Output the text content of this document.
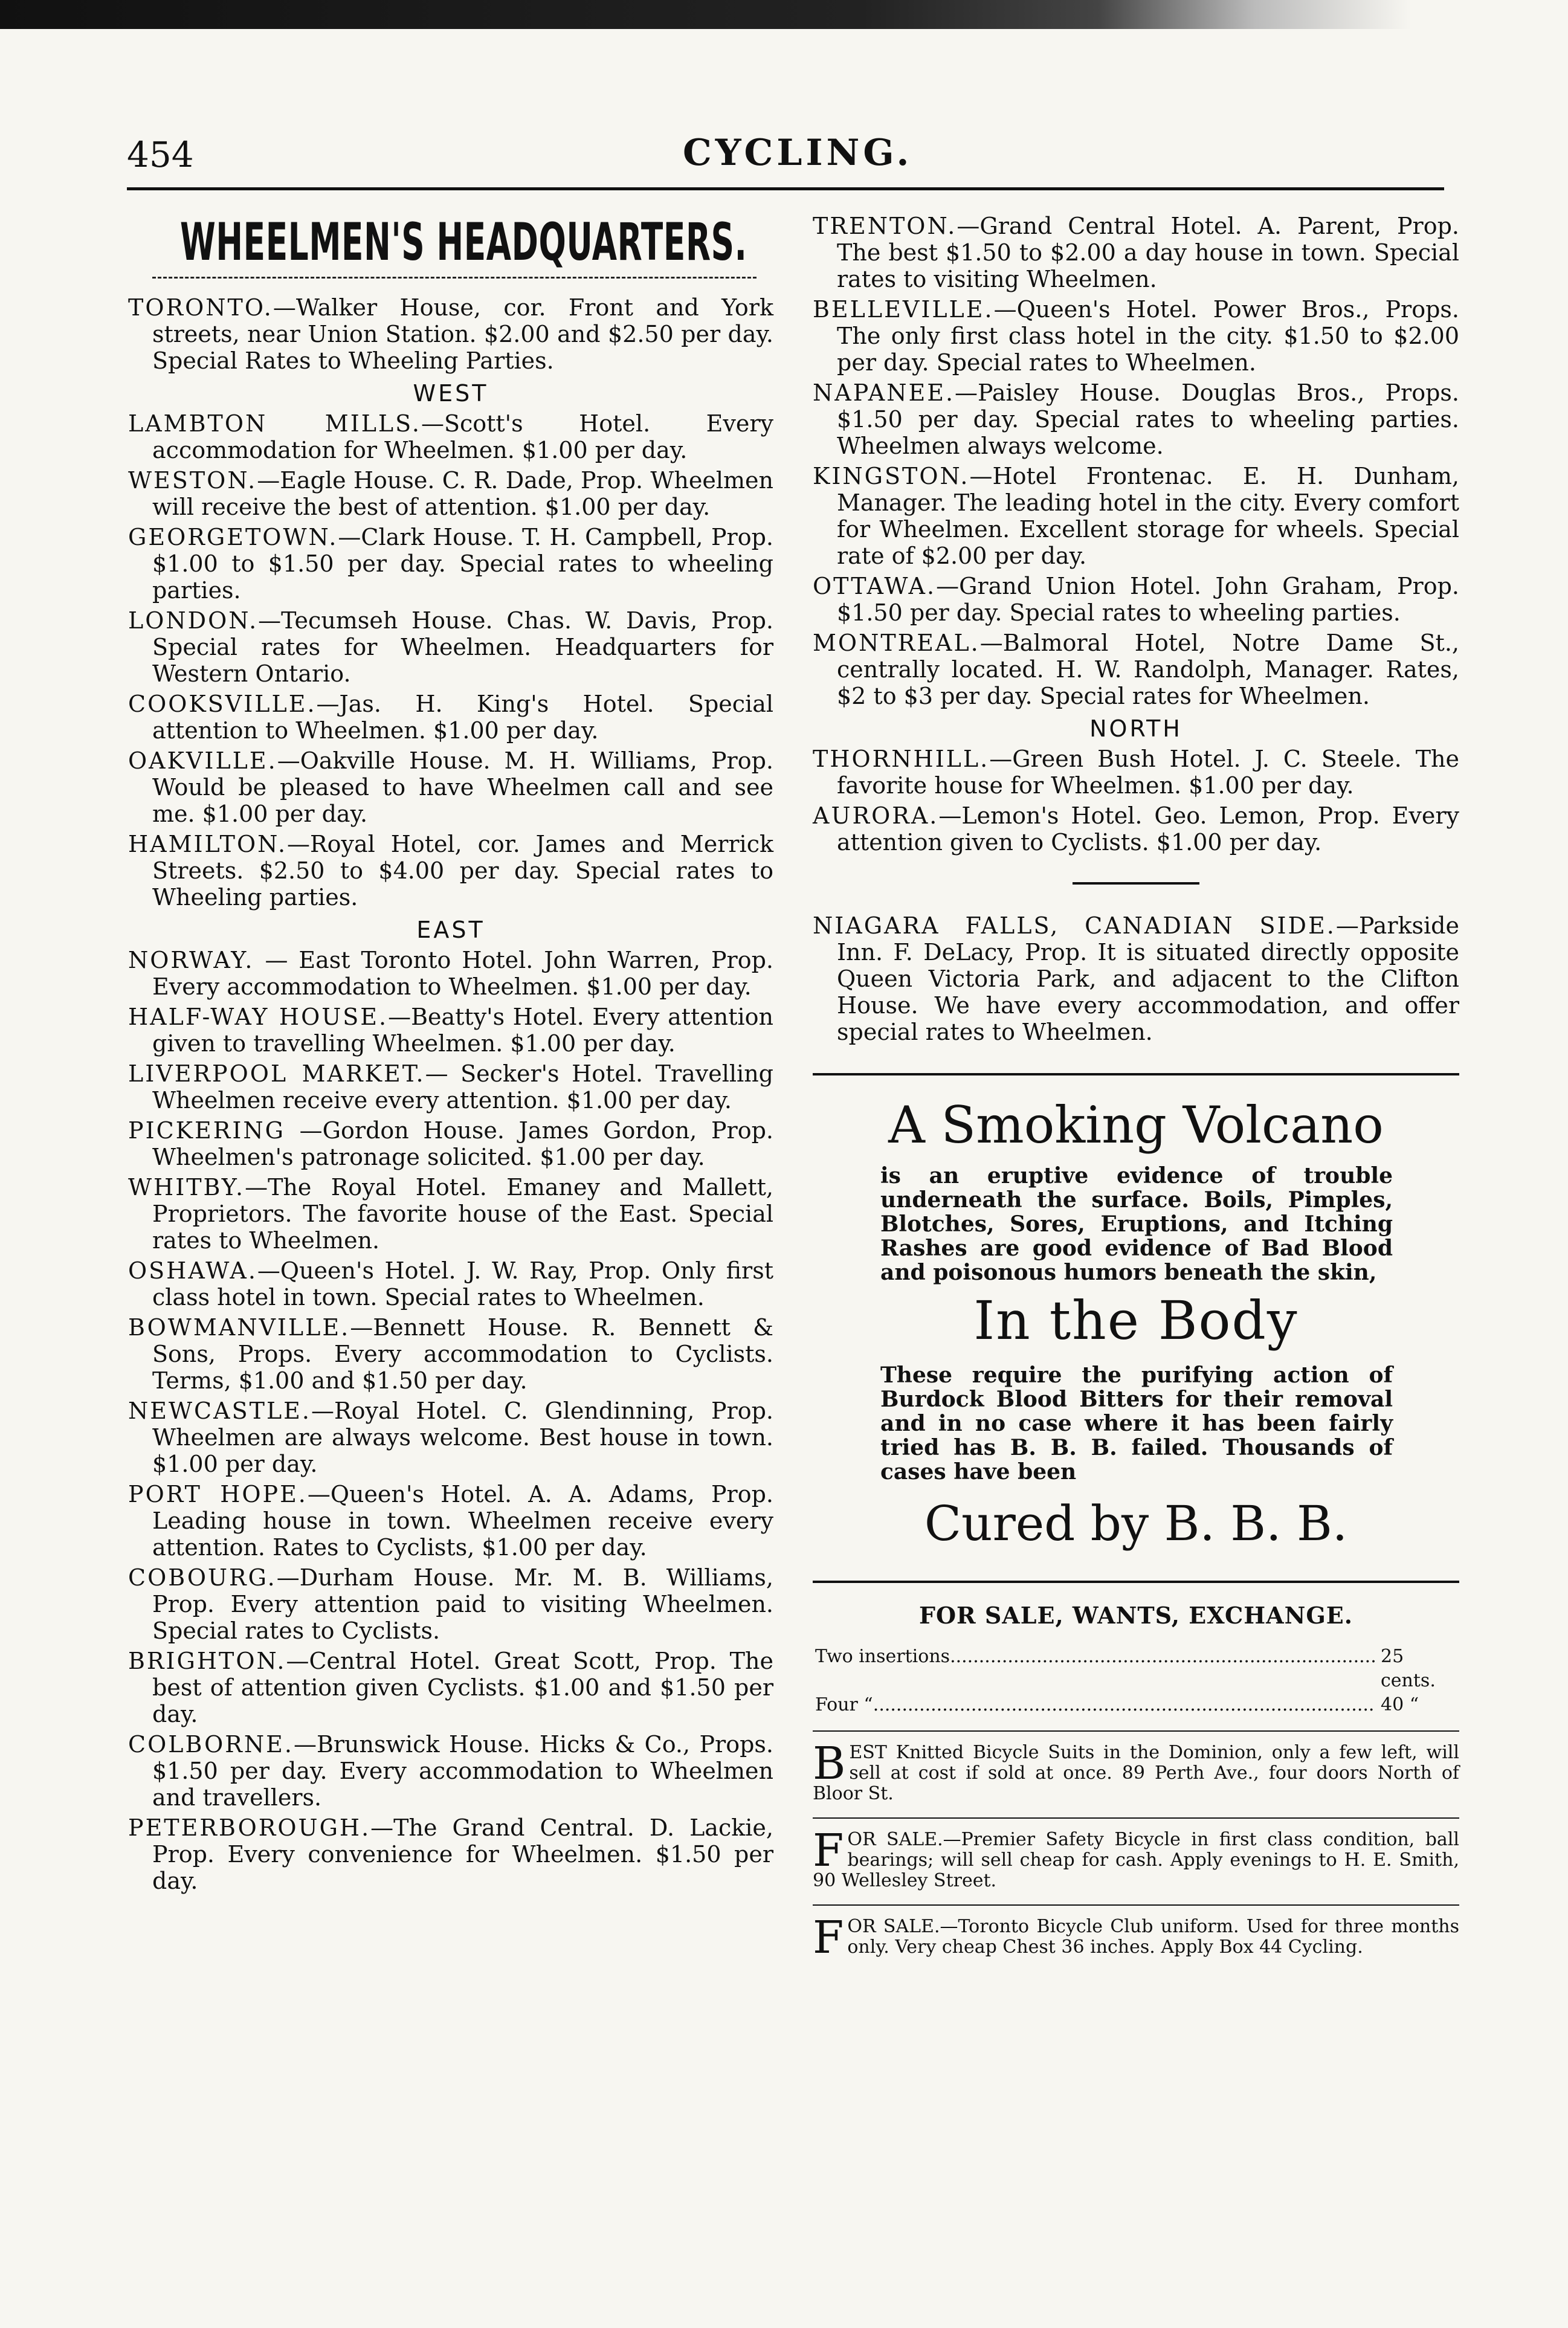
454	CYCLING.
WHEELMEN'S HEADQUARTERS.

TORONTO.—Walker House, cor. Front and York streets, near Union Station. $2.00 and $2.50 per day. Special Rates to Wheeling Parties.

WEST

LAMBTON MILLS.—Scott's Hotel. Every accommodation for Wheelmen. $1.00 per day.

WESTON.—Eagle House. C. R. Dade, Prop. Wheelmen will receive the best of attention. $1.00 per day.

GEORGETOWN.—Clark House. T. H. Campbell, Prop. $1.00 to $1.50 per day. Special rates to wheeling parties.

LONDON.—Tecumseh House. Chas. W. Davis, Prop. Special rates for Wheelmen. Headquarters for Western Ontario.

COOKSVILLE.—Jas. H. King's Hotel. Special attention to Wheelmen. $1.00 per day.

OAKVILLE.—Oakville House. M. H. Williams, Prop. Would be pleased to have Wheelmen call and see me. $1.00 per day.

HAMILTON.—Royal Hotel, cor. James and Merrick Streets. $2.50 to $4.00 per day. Special rates to Wheeling parties.

EAST

NORWAY. — East Toronto Hotel. John Warren, Prop. Every accommodation to Wheelmen. $1.00 per day.

HALF-WAY HOUSE.—Beatty's Hotel. Every attention given to travelling Wheelmen. $1.00 per day.

LIVERPOOL MARKET.— Secker's Hotel. Travelling Wheelmen receive every attention. $1.00 per day.

PICKERING —Gordon House. James Gordon, Prop. Wheelmen's patronage solicited. $1.00 per day.

WHITBY.—The Royal Hotel. Emaney and Mallett, Proprietors. The favorite house of the East. Special rates to Wheelmen.

OSHAWA.—Queen's Hotel. J. W. Ray, Prop. Only first class hotel in town. Special rates to Wheelmen.

BOWMANVILLE.—Bennett House. R. Bennett & Sons, Props. Every accommodation to Cyclists. Terms, $1.00 and $1.50 per day.

NEWCASTLE.—Royal Hotel. C. Glendinning, Prop. Wheelmen are always welcome. Best house in town. $1.00 per day.

PORT HOPE.—Queen's Hotel. A. A. Adams, Prop. Leading house in town. Wheelmen receive every attention. Rates to Cyclists, $1.00 per day.

COBOURG.—Durham House. Mr. M. B. Williams, Prop. Every attention paid to visiting Wheelmen. Special rates to Cyclists.

BRIGHTON.—Central Hotel. Great Scott, Prop. The best of attention given Cyclists. $1.00 and $1.50 per day.

COLBORNE.—Brunswick House. Hicks & Co., Props. $1.50 per day. Every accommodation to Wheelmen and travellers.

PETERBOROUGH.—The Grand Central. D. Lackie, Prop. Every convenience for Wheelmen. $1.50 per day.

TRENTON.—Grand Central Hotel. A. Parent, Prop. The best $1.50 to $2.00 a day house in town. Special rates to visiting Wheelmen.

BELLEVILLE.—Queen's Hotel. Power Bros., Props. The only first class hotel in the city. $1.50 to $2.00 per day. Special rates to Wheelmen.

NAPANEE.—Paisley House. Douglas Bros., Props. $1.50 per day. Special rates to wheeling parties. Wheelmen always welcome.

KINGSTON.—Hotel Frontenac. E. H. Dunham, Manager. The leading hotel in the city. Every comfort for Wheelmen. Excellent storage for wheels. Special rate of $2.00 per day.

OTTAWA.—Grand Union Hotel. John Graham, Prop. $1.50 per day. Special rates to wheeling parties.

MONTREAL.—Balmoral Hotel, Notre Dame St., centrally located. H. W. Randolph, Manager. Rates, $2 to $3 per day. Special rates for Wheelmen.

NORTH

THORNHILL.—Green Bush Hotel. J. C. Steele. The favorite house for Wheelmen. $1.00 per day.

AURORA.—Lemon's Hotel. Geo. Lemon, Prop. Every attention given to Cyclists. $1.00 per day.

NIAGARA FALLS, CANADIAN SIDE.—Parkside Inn. F. DeLacy, Prop. It is situated directly opposite Queen Victoria Park, and adjacent to the Clifton House. We have every accommodation, and offer special rates to Wheelmen.

A Smoking Volcano
is an eruptive evidence of trouble underneath the surface. Boils, Pimples, Blotches, Sores, Eruptions, and Itching Rashes are good evidence of Bad Blood and poisonous humors beneath the skin,
In the Body
These require the purifying action of Burdock Blood Bitters for their removal and in no case where it has been fairly tried has B. B. B. failed. Thousands of cases have been
Cured by B. B. B.
FOR SALE, WANTS, EXCHANGE.
Two insertions .....	25 cents.
Four “ .....	40 “

BEST Knitted Bicycle Suits in the Dominion, only a few left, will sell at cost if sold at once. 89 Perth Ave., four doors North of Bloor St.

FOR SALE.—Premier Safety Bicycle in first class condition, ball bearings; will sell cheap for cash. Apply evenings to H. E. Smith, 90 Wellesley Street.

FOR SALE.—Toronto Bicycle Club uniform. Used for three months only. Very cheap Chest 36 inches. Apply Box 44 Cycling.
